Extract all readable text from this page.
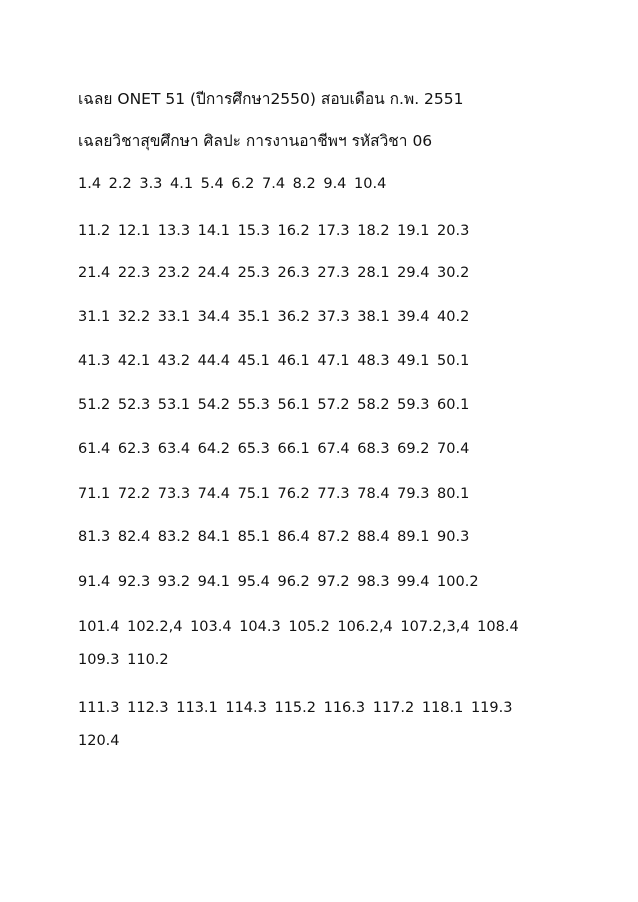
เฉลย ONET 51 (ปีการศึกษา2550) สอบเดือน ก.พ. 2551
เฉลยวิชาสุขศึกษา ศิลปะ การงานอาชีพฯ รหัสวิชา 06
1.4 2.2 3.3 4.1 5.4 6.2 7.4 8.2 9.4 10.4
11.2 12.1 13.3 14.1 15.3 16.2 17.3 18.2 19.1 20.3
21.4 22.3 23.2 24.4 25.3 26.3 27.3 28.1 29.4 30.2
31.1 32.2 33.1 34.4 35.1 36.2 37.3 38.1 39.4 40.2
41.3 42.1 43.2 44.4 45.1 46.1 47.1 48.3 49.1 50.1
51.2 52.3 53.1 54.2 55.3 56.1 57.2 58.2 59.3 60.1
61.4 62.3 63.4 64.2 65.3 66.1 67.4 68.3 69.2 70.4
71.1 72.2 73.3 74.4 75.1 76.2 77.3 78.4 79.3 80.1
81.3 82.4 83.2 84.1 85.1 86.4 87.2 88.4 89.1 90.3
91.4 92.3 93.2 94.1 95.4 96.2 97.2 98.3 99.4 100.2
101.4 102.2,4 103.4 104.3 105.2 106.2,4 107.2,3,4 108.4
109.3 110.2
111.3 112.3 113.1 114.3 115.2 116.3 117.2 118.1 119.3
120.4
